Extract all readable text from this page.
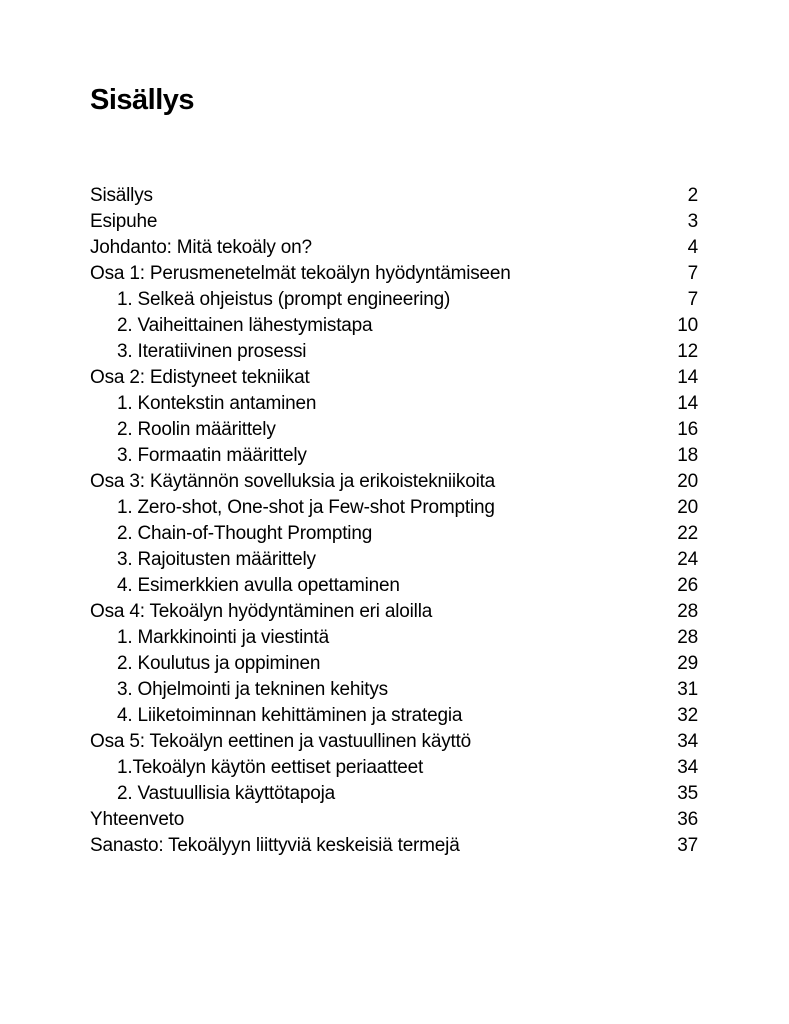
Sisällys
Sisällys	2
Esipuhe	3
Johdanto: Mitä tekoäly on?	4
Osa 1: Perusmenetelmät tekoälyn hyödyntämiseen	7
1. Selkeä ohjeistus (prompt engineering)	7
2. Vaiheittainen lähestymistapa	10
3. Iteratiivinen prosessi	12
Osa 2: Edistyneet tekniikat	14
1. Kontekstin antaminen	14
2. Roolin määrittely	16
3. Formaatin määrittely	18
Osa 3: Käytännön sovelluksia ja erikoistekniikoita	20
1. Zero-shot, One-shot ja Few-shot Prompting	20
2. Chain-of-Thought Prompting	22
3. Rajoitusten määrittely	24
4. Esimerkkien avulla opettaminen	26
Osa 4: Tekoälyn hyödyntäminen eri aloilla	28
1. Markkinointi ja viestintä	28
2. Koulutus ja oppiminen	29
3. Ohjelmointi ja tekninen kehitys	31
4. Liiketoiminnan kehittäminen ja strategia	32
Osa 5: Tekoälyn eettinen ja vastuullinen käyttö	34
1.Tekoälyn käytön eettiset periaatteet	34
2. Vastuullisia käyttötapoja	35
Yhteenveto	36
Sanasto: Tekoälyyn liittyviä keskeisiä termejä	37
